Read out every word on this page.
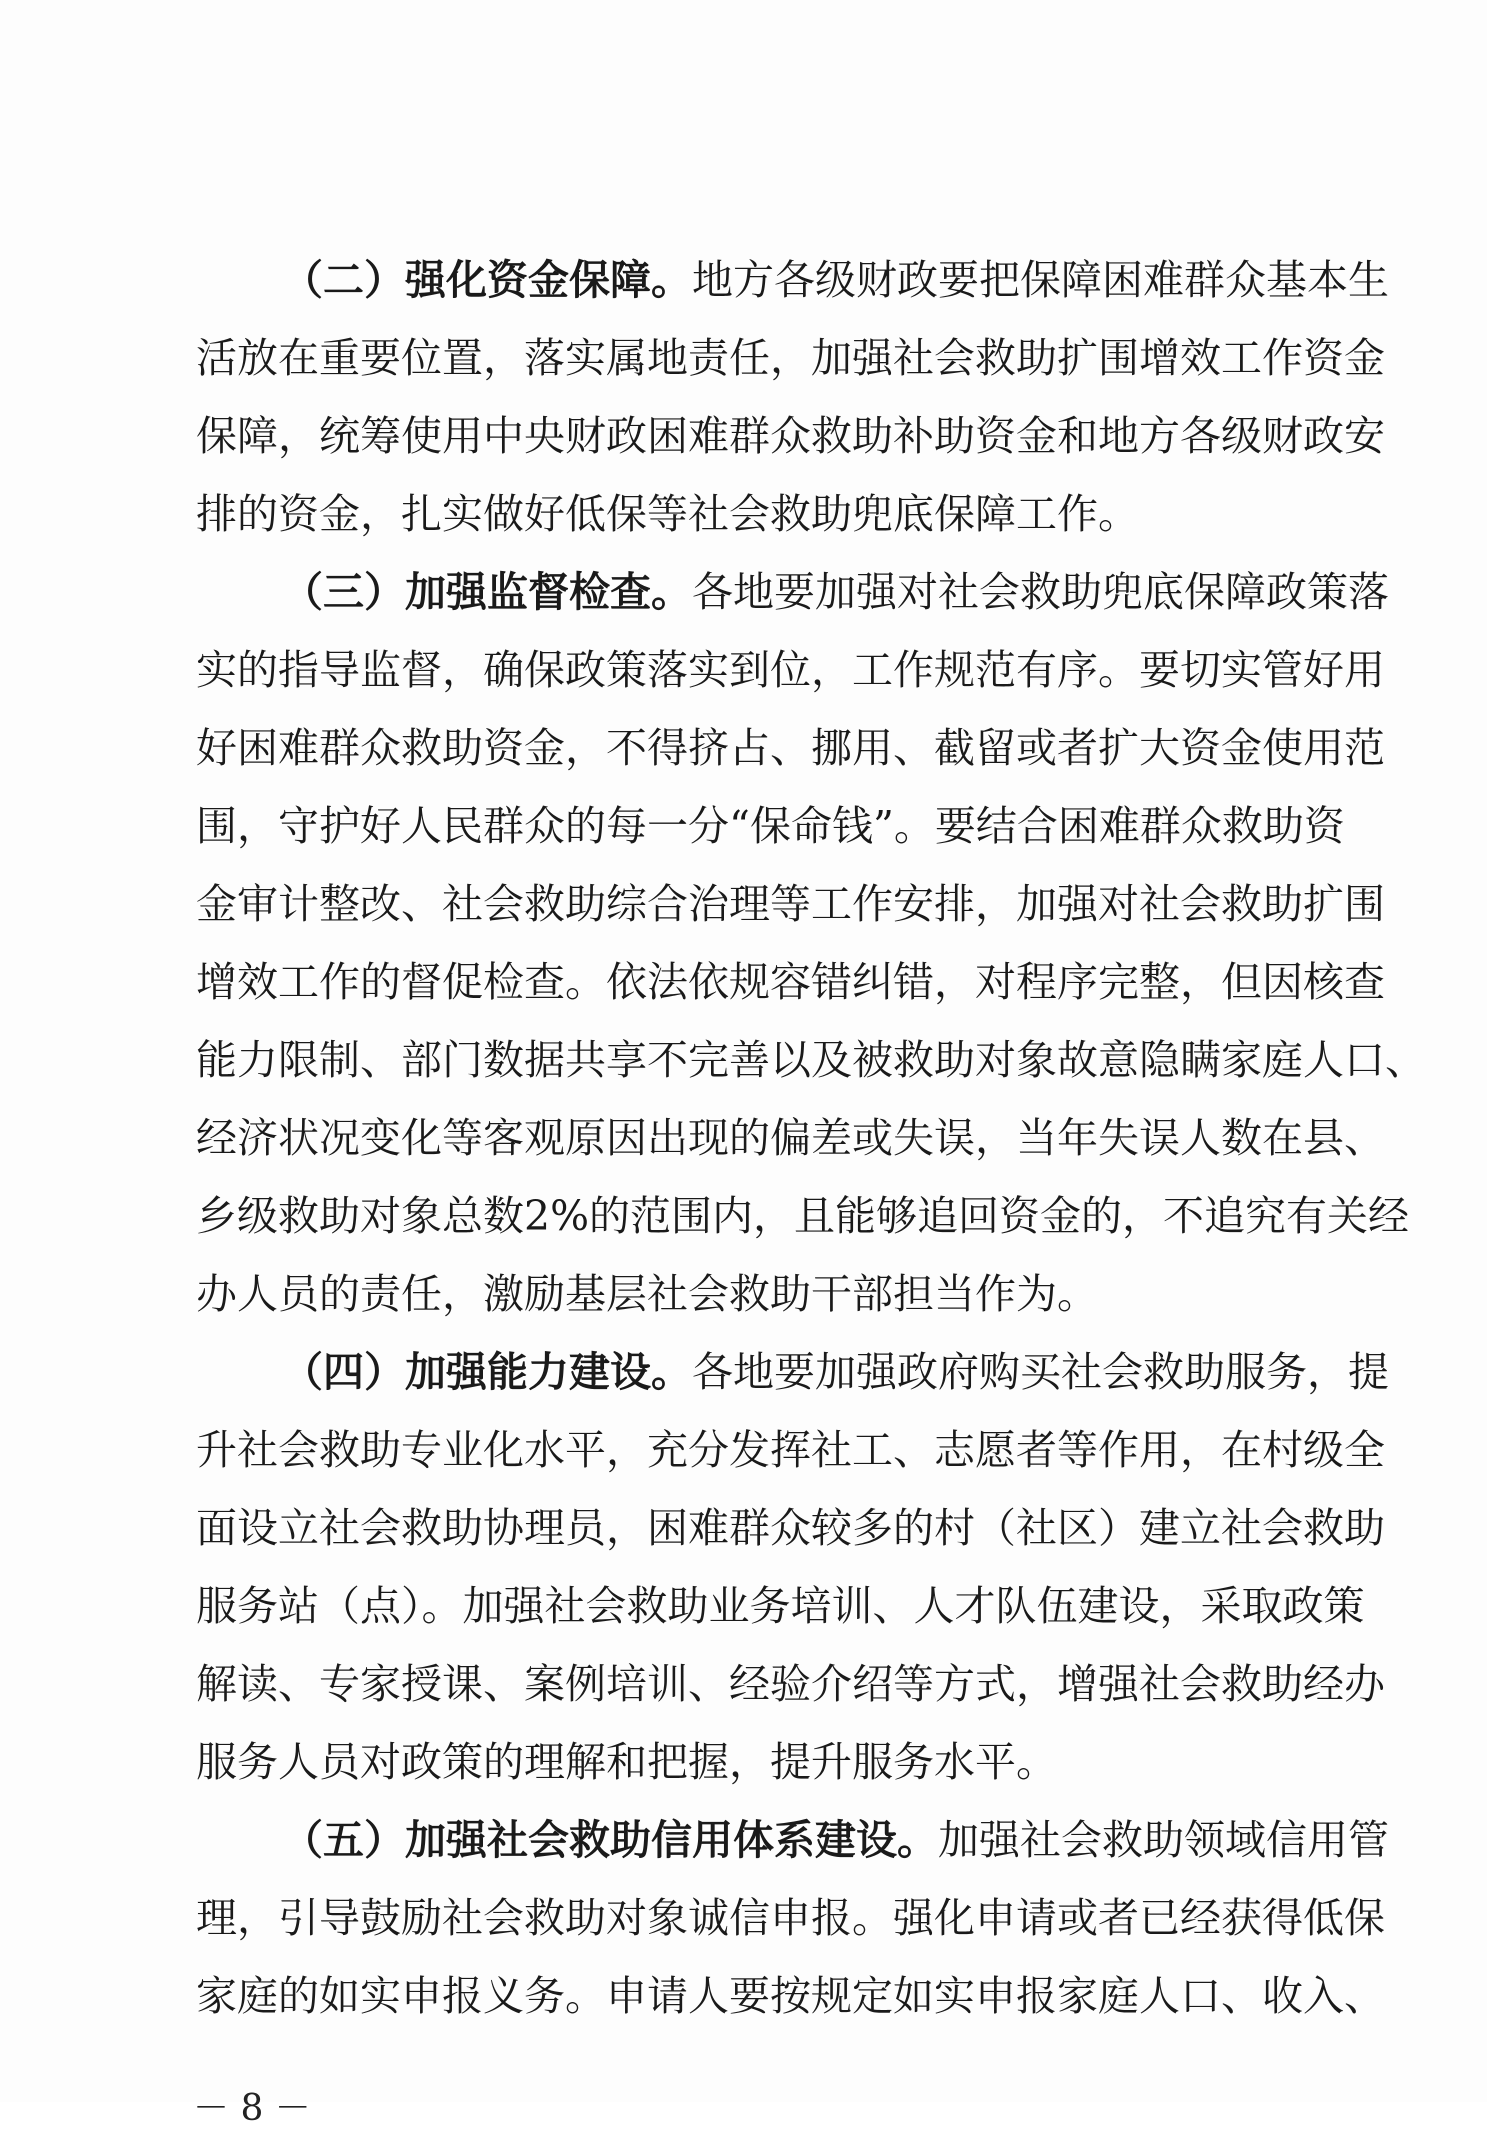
（二）强化资金保障。地方各级财政要把保障困难群众基本生
活放在重要位置，落实属地责任，加强社会救助扩围增效工作资金
保障，统筹使用中央财政困难群众救助补助资金和地方各级财政安
排的资金，扎实做好低保等社会救助兜底保障工作。
（三）加强监督检查。各地要加强对社会救助兜底保障政策落
实的指导监督，确保政策落实到位，工作规范有序。要切实管好用
好困难群众救助资金，不得挤占、挪用、截留或者扩大资金使用范
围，守护好人民群众的每一分“保命钱”。要结合困难群众救助资
金审计整改、社会救助综合治理等工作安排，加强对社会救助扩围
增效工作的督促检查。依法依规容错纠错，对程序完整，但因核查
能力限制、部门数据共享不完善以及被救助对象故意隐瞒家庭人口、
经济状况变化等客观原因出现的偏差或失误，当年失误人数在县、
乡级救助对象总数2%的范围内，且能够追回资金的，不追究有关经
办人员的责任，激励基层社会救助干部担当作为。
（四）加强能力建设。各地要加强政府购买社会救助服务，提
升社会救助专业化水平，充分发挥社工、志愿者等作用，在村级全
面设立社会救助协理员，困难群众较多的村（社区）建立社会救助
服务站（点）。加强社会救助业务培训、人才队伍建设，采取政策
解读、专家授课、案例培训、经验介绍等方式，增强社会救助经办
服务人员对政策的理解和把握，提升服务水平。
（五）加强社会救助信用体系建设。加强社会救助领域信用管
理，引导鼓励社会救助对象诚信申报。强化申请或者已经获得低保
家庭的如实申报义务。申请人要按规定如实申报家庭人口、收入、
－ 8 －
